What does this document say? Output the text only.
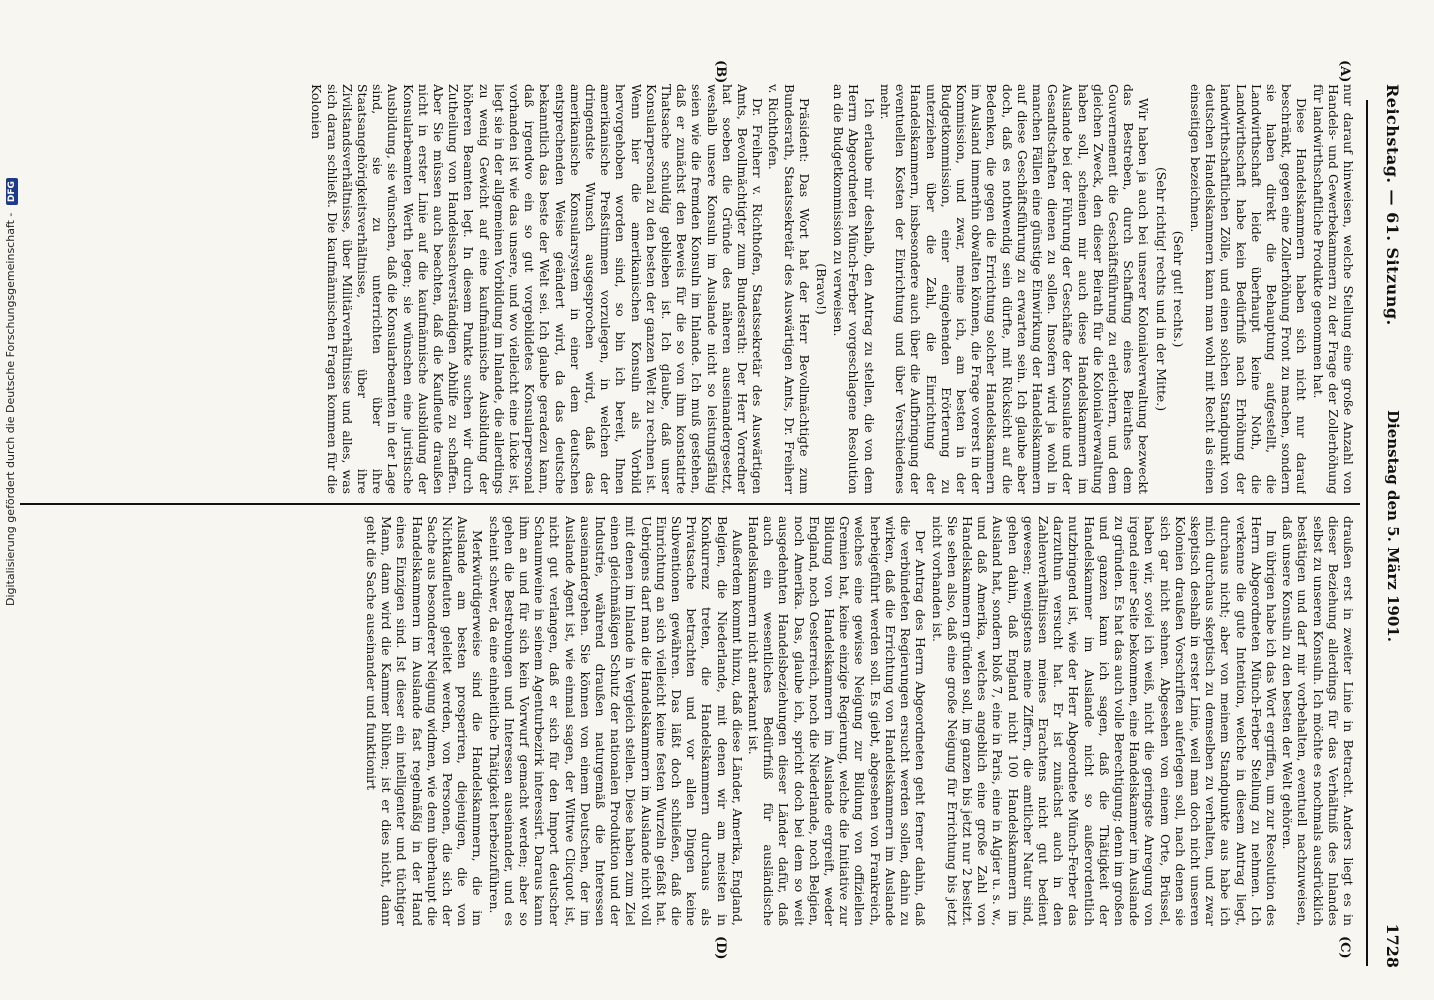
Reichstag. — 61. Sitzung.
Dienstag den 5. März 1901.
1728
(A)
(B)
(C)
(D)

nur darauf hinweisen, welche Stellung eine große Anzahl von Handels- und Gewerbekammern zu der Frage der Zollerhöhung für landwirthschaftliche Produkte genommen hat.

Diese Handelskammern haben sich nicht nur darauf beschränkt, gegen eine Zollerhöhung Front zu machen, sondern sie haben direkt die Behauptung aufgestellt, die Landwirthschaft leide überhaupt keine Noth, die Landwirthschaft habe kein Bedürfniß nach Erhöhung der landwirthschaftlichen Zölle, und einen solchen Standpunkt von deutschen Handelskammern kann man wohl mit Recht als einen einseitigen bezeichnen.

(Sehr gut! rechts.)

(Sehr richtig! rechts und in der Mitte.)

Wir haben ja auch bei unserer Kolonialverwaltung bezweckt das Bestreben, durch Schaffung eines Beirathes dem Gouvernement die Geschäftsführung zu erleichtern, und dem gleichen Zweck, den dieser Beirath für die Kolonialverwaltung haben soll, scheinen mir auch diese Handelskammern im Auslande bei der Führung der Geschäfte der Konsulate und der Gesandtschaften dienen zu sollen. Insofern wird ja wohl in manchen Fällen eine günstige Einwirkung der Handelskammern auf diese Geschäftsführung zu erwarten sein. Ich glaube aber doch, daß es nothwendig sein dürfte, mit Rücksicht auf die Bedenken, die gegen die Errichtung solcher Handelskammern im Ausland immerhin obwalten können, die Frage vorerst in der Kommission, und zwar, meine ich, am besten in der Budgetkommission, einer eingehenden Erörterung zu unterziehen über die Zahl, die Einrichtung der Handelskammern, insbesondere auch über die Aufbringung der eventuellen Kosten der Einrichtung und über Verschiedenes mehr.

Ich erlaube mir deshalb, den Antrag zu stellen, die von dem Herrn Abgeordneten Münch-Ferber vorgeschlagene Resolution an die Budgetkommission zu verweisen.

(Bravo!)

Präsident: Das Wort hat der Herr Bevollmächtigte zum Bundesrath, Staatssekretär des Auswärtigen Amts, Dr. Freiherr v. Richthofen.

Dr. Freiherr v. Richthofen, Staatssekretär des Auswärtigen Amts, Bevollmächtigter zum Bundesrath: Der Herr Vorredner hat soeben die Gründe des näheren auseinandergesetzt, weshalb unsere Konsuln im Auslande nicht so leistungsfähig seien wie die fremden Konsuln im Inlande. Ich muß gestehen, daß er zunächst den Beweis für die so von ihm konstatirte Thatsache schuldig geblieben ist. Ich glaube, daß unser Konsularpersonal zu den besten der ganzen Welt zu rechnen ist. Wenn hier die amerikanischen Konsuln als Vorbild hervorgehoben worden sind, so bin ich bereit, Ihnen amerikanische Preßstimmen vorzulegen, in welchen der dringendste Wunsch ausgesprochen wird, daß das amerikanische Konsularsystem in einer dem deutschen entsprechenden Weise geändert wird, da das deutsche bekanntlich das beste der Welt sei. Ich glaube geradezu kann, daß irgendwo ein so gut vorgebildetes Konsularpersonal vorhanden ist wie das unsere, und wo vielleicht eine Lücke ist, liegt sie in der allgemeinen Vorbildung im Inlande, die allerdings zu wenig Gewicht auf eine kaufmännische Ausbildung der höheren Beamten legt. In diesem Punkte suchen wir durch Zutheilung von Handelssachverständigen Abhilfe zu schaffen. Aber Sie müssen auch beachten, daß die Kaufleute draußen nicht in erster Linie auf die kaufmännische Ausbildung der Konsularbeamten Werth legen; sie wünschen eine juristische Ausbildung, sie wünschen, daß die Konsularbeamten in der Lage sind, sie zu unterrichten über ihre Staatsangehörigkeitsverhältnisse, über ihre Zivilstandsverhältnisse, über Militärverhältnisse und alles, was sich daran schließt. Die kaufmännischen Fragen kommen für die Kolonien

draußen erst in zweiter Linie in Betracht. Anders liegt es in dieser Beziehung allerdings für das Verhältniß des Inlandes selbst zu unseren Konsuln. Ich möchte es nochmals ausdrücklich bestätigen und darf mir vorbehalten, eventuell nachzuweisen, daß unsere Konsuln zu den besten der Welt gehören.

Im übrigen habe ich das Wort ergriffen, um zur Resolution des Herrn Abgeordneten Münch-Ferber Stellung zu nehmen. Ich verkenne die gute Intention, welche in diesem Antrag liegt, durchaus nicht; aber von meinem Standpunkte aus habe ich mich durchaus skeptisch zu demselben zu verhalten, und zwar skeptisch deshalb in erster Linie, weil man doch nicht unseren Kolonien draußen Vorschriften auferlegen soll, nach denen sie sich gar nicht sehnen. Abgesehen von einem Orte, Brüssel, haben wir, soviel ich weiß, nicht die geringste Anregung von irgend einer Seite bekommen, eine Handelskammer im Auslande zu gründen. Es hat das auch volle Berechtigung; denn im großen und ganzen kann ich sagen, daß die Thätigkeit der Handelskammer im Auslande nicht so außerordentlich nutzbringend ist, wie der Herr Abgeordnete Münch-Ferber das darzuthun versucht hat. Er ist zunächst auch in den Zahlenverhältnissen meines Erachtens nicht gut bedient gewesen; wenigstens meine Ziffern, die amtlicher Natur sind, gehen dahin, daß England nicht 100 Handelskammern im Ausland hat, sondern bloß 7, eine in Paris, eine in Algier u. s. w., und daß Amerika, welches angeblich eine große Zahl von Handelskammern gründen soll, im ganzen bis jetzt nur 2 besitzt. Sie sehen also, daß eine große Neigung für Errichtung bis jetzt nicht vorhanden ist.

Der Antrag des Herrn Abgeordneten geht ferner dahin, daß die verbündeten Regierungen ersucht werden sollen, dahin zu wirken, daß die Errichtung von Handelskammern im Auslande herbeigeführt werden soll. Es giebt, abgesehen von Frankreich, welches eine gewisse Neigung zur Bildung von offiziellen Gremien hat, keine einzige Regierung, welche die Initiative zur Bildung von Handelskammern im Auslande ergreift, weder England, noch Oesterreich, noch die Niederlande, noch Belgien, noch Amerika. Das, glaube ich, spricht doch bei dem so weit ausgedehnten Handelsbeziehungen dieser Länder dafür, daß auch ein wesentliches Bedürfniß für ausländische Handelskammern nicht anerkannt ist.

Außerdem kommt hinzu, daß diese Länder, Amerika, England, Belgien, die Niederlande, mit denen wir am meisten in Konkurrenz treten, die Handelskammern durchaus als Privatsache betrachten und vor allen Dingen keine Subventionen gewähren. Das läßt doch schließen, daß die Einrichtung an sich vielleicht keine festen Wurzeln gefaßt hat. Uebrigens darf man die Handelskammern im Auslande nicht voll mit denen im Inlande in Vergleich stellen. Diese haben zum Ziel einen gleichmäßigen Schutz der nationalen Produktion und der Industrie, während draußen naturgemäß die Interessen auseinandergehen. Sie können von einem Deutschen, der im Auslande Agent ist, wie einmal sagen, der Wittwe Clicquot ist, nicht gut verlangen, daß er sich für den Import deutscher Schaumweine in seinem Agenturbezirk interessirt. Daraus kann ihm an und für sich kein Vorwurf gemacht werden; aber so gehen die Bestrebungen und Interessen auseinander, und es scheint schwer, da eine einheitliche Thätigkeit herbeizuführen.

Merkwürdigerweise sind die Handelskammern, die im Auslande am besten prosperiren, diejenigen, die von Nichtkaufleuten geleitet werden, von Personen, die sich der Sache aus besonderer Neigung widmen, wie denn überhaupt die Handelskammern im Auslande fast regelmäßig in der Hand eines Einzigen sind. Ist dieser ein intelligenter und tüchtiger Mann, dann wird die Kammer blühen; ist er dies nicht, dann geht die Sache auseinander und funktionirt

Digitalisierung gefördert durch die Deutsche Forschungsgemeinschaft - DFG
